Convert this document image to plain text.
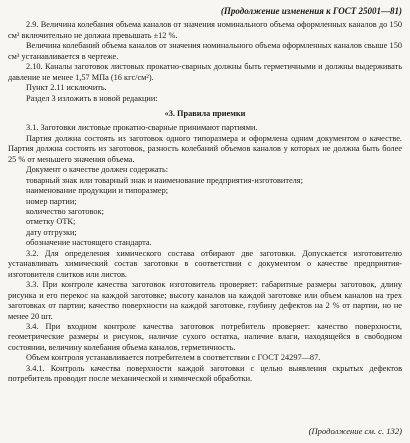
(Продолжение изменения к ГОСТ 25001—81)

2.9. Величина колебания объема каналов от значения номинального объема оформленных каналов до 150 см³ включительно не должна превышать ±12 %.

Величина колебаний объема каналов от значения номинального объема оформленных каналов свыше 150 см³ устанавливается в чертеже.

2.10. Каналы заготовок листовых прокатно-сварных должны быть герметичными и должны выдерживать давление не менее 1,57 МПа (16 кгс/см²).

Пункт 2.11 исключить.

Раздел 3 изложить в новой редакции:

«3. Правила приемки

3.1. Заготовки листовые прокатно-сварные принимают партиями.

Партия должна состоять из заготовок одного типоразмера и оформлена одним документом о качестве. Партия должна состоять из заготовок, разность колебаний объемов каналов у которых не должна быть более 25 % от меньшего значения объема.

Документ о качестве должен содержать:

товарный знак или товарный знак и наименование предприятия-изготовителя;

наименование продукции и типоразмер;

номер партии;

количество заготовок;

отметку ОТК;

дату отгрузки;

обозначение настоящего стандарта.

3.2. Для определения химического состава отбирают две заготовки. Допускается изготовителю устанавливать химический состав заготовки в соответствии с документом о качестве предприятия-изготовителя слитков или листов.

3.3. При контроле качества заготовок изготовитель проверяет: габаритные размеры заготовок, длину рисунка и его перекос на каждой заготовке; высоту каналов на каждой заготовке или объем каналов на трех заготовках от партии; качество поверхности на каждой заготовке, глубину дефектов на 2 % от партии, но не менее 20 шт.

3.4. При входном контроле качества заготовок потребитель проверяет: качество поверхности, геометрические размеры и рисунок, наличие сухого остатка, наличие влаги, находящейся в свободном состоянии, величину колебания объема каналов, герметичность.

Объем контроля устанавливается потребителем в соответствии с ГОСТ 24297—87.

3.4.1. Контроль качества поверхности каждой заготовки с целью выявления скрытых дефектов потребитель проводит после механической и химической обработки.

(Продолжение см. с. 132)
